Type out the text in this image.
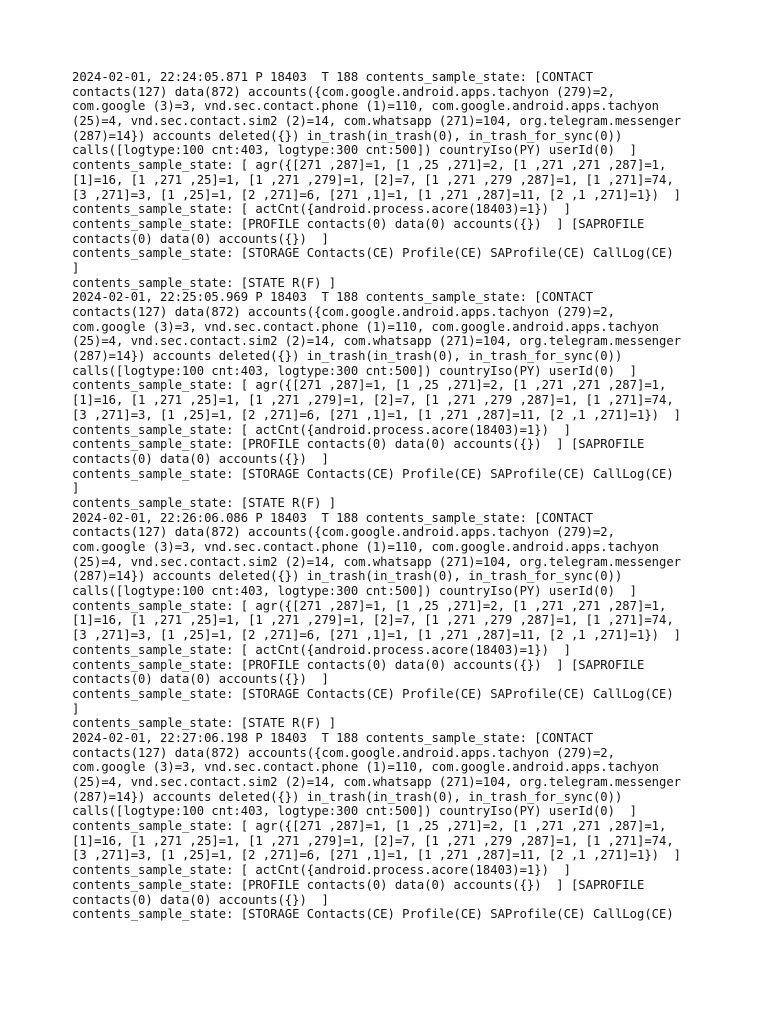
2024-02-01, 22:24:05.871 P 18403  T 188 contents_sample_state: [CONTACT
contacts(127) data(872) accounts({com.google.android.apps.tachyon (279)=2,
com.google (3)=3, vnd.sec.contact.phone (1)=110, com.google.android.apps.tachyon
(25)=4, vnd.sec.contact.sim2 (2)=14, com.whatsapp (271)=104, org.telegram.messenger
(287)=14}) accounts deleted({}) in_trash(in_trash(0), in_trash_for_sync(0))
calls([logtype:100 cnt:403, logtype:300 cnt:500]) countryIso(PY) userId(0)  ]
contents_sample_state: [ agr({[271 ,287]=1, [1 ,25 ,271]=2, [1 ,271 ,271 ,287]=1,
[1]=16, [1 ,271 ,25]=1, [1 ,271 ,279]=1, [2]=7, [1 ,271 ,279 ,287]=1, [1 ,271]=74,
[3 ,271]=3, [1 ,25]=1, [2 ,271]=6, [271 ,1]=1, [1 ,271 ,287]=11, [2 ,1 ,271]=1})  ]
contents_sample_state: [ actCnt({android.process.acore(18403)=1})  ]
contents_sample_state: [PROFILE contacts(0) data(0) accounts({})  ] [SAPROFILE
contacts(0) data(0) accounts({})  ]
contents_sample_state: [STORAGE Contacts(CE) Profile(CE) SAProfile(CE) CallLog(CE)
]
contents_sample_state: [STATE R(F) ]
2024-02-01, 22:25:05.969 P 18403  T 188 contents_sample_state: [CONTACT
contacts(127) data(872) accounts({com.google.android.apps.tachyon (279)=2,
com.google (3)=3, vnd.sec.contact.phone (1)=110, com.google.android.apps.tachyon
(25)=4, vnd.sec.contact.sim2 (2)=14, com.whatsapp (271)=104, org.telegram.messenger
(287)=14}) accounts deleted({}) in_trash(in_trash(0), in_trash_for_sync(0))
calls([logtype:100 cnt:403, logtype:300 cnt:500]) countryIso(PY) userId(0)  ]
contents_sample_state: [ agr({[271 ,287]=1, [1 ,25 ,271]=2, [1 ,271 ,271 ,287]=1,
[1]=16, [1 ,271 ,25]=1, [1 ,271 ,279]=1, [2]=7, [1 ,271 ,279 ,287]=1, [1 ,271]=74,
[3 ,271]=3, [1 ,25]=1, [2 ,271]=6, [271 ,1]=1, [1 ,271 ,287]=11, [2 ,1 ,271]=1})  ]
contents_sample_state: [ actCnt({android.process.acore(18403)=1})  ]
contents_sample_state: [PROFILE contacts(0) data(0) accounts({})  ] [SAPROFILE
contacts(0) data(0) accounts({})  ]
contents_sample_state: [STORAGE Contacts(CE) Profile(CE) SAProfile(CE) CallLog(CE)
]
contents_sample_state: [STATE R(F) ]
2024-02-01, 22:26:06.086 P 18403  T 188 contents_sample_state: [CONTACT
contacts(127) data(872) accounts({com.google.android.apps.tachyon (279)=2,
com.google (3)=3, vnd.sec.contact.phone (1)=110, com.google.android.apps.tachyon
(25)=4, vnd.sec.contact.sim2 (2)=14, com.whatsapp (271)=104, org.telegram.messenger
(287)=14}) accounts deleted({}) in_trash(in_trash(0), in_trash_for_sync(0))
calls([logtype:100 cnt:403, logtype:300 cnt:500]) countryIso(PY) userId(0)  ]
contents_sample_state: [ agr({[271 ,287]=1, [1 ,25 ,271]=2, [1 ,271 ,271 ,287]=1,
[1]=16, [1 ,271 ,25]=1, [1 ,271 ,279]=1, [2]=7, [1 ,271 ,279 ,287]=1, [1 ,271]=74,
[3 ,271]=3, [1 ,25]=1, [2 ,271]=6, [271 ,1]=1, [1 ,271 ,287]=11, [2 ,1 ,271]=1})  ]
contents_sample_state: [ actCnt({android.process.acore(18403)=1})  ]
contents_sample_state: [PROFILE contacts(0) data(0) accounts({})  ] [SAPROFILE
contacts(0) data(0) accounts({})  ]
contents_sample_state: [STORAGE Contacts(CE) Profile(CE) SAProfile(CE) CallLog(CE)
]
contents_sample_state: [STATE R(F) ]
2024-02-01, 22:27:06.198 P 18403  T 188 contents_sample_state: [CONTACT
contacts(127) data(872) accounts({com.google.android.apps.tachyon (279)=2,
com.google (3)=3, vnd.sec.contact.phone (1)=110, com.google.android.apps.tachyon
(25)=4, vnd.sec.contact.sim2 (2)=14, com.whatsapp (271)=104, org.telegram.messenger
(287)=14}) accounts deleted({}) in_trash(in_trash(0), in_trash_for_sync(0))
calls([logtype:100 cnt:403, logtype:300 cnt:500]) countryIso(PY) userId(0)  ]
contents_sample_state: [ agr({[271 ,287]=1, [1 ,25 ,271]=2, [1 ,271 ,271 ,287]=1,
[1]=16, [1 ,271 ,25]=1, [1 ,271 ,279]=1, [2]=7, [1 ,271 ,279 ,287]=1, [1 ,271]=74,
[3 ,271]=3, [1 ,25]=1, [2 ,271]=6, [271 ,1]=1, [1 ,271 ,287]=11, [2 ,1 ,271]=1})  ]
contents_sample_state: [ actCnt({android.process.acore(18403)=1})  ]
contents_sample_state: [PROFILE contacts(0) data(0) accounts({})  ] [SAPROFILE
contacts(0) data(0) accounts({})  ]
contents_sample_state: [STORAGE Contacts(CE) Profile(CE) SAProfile(CE) CallLog(CE)
